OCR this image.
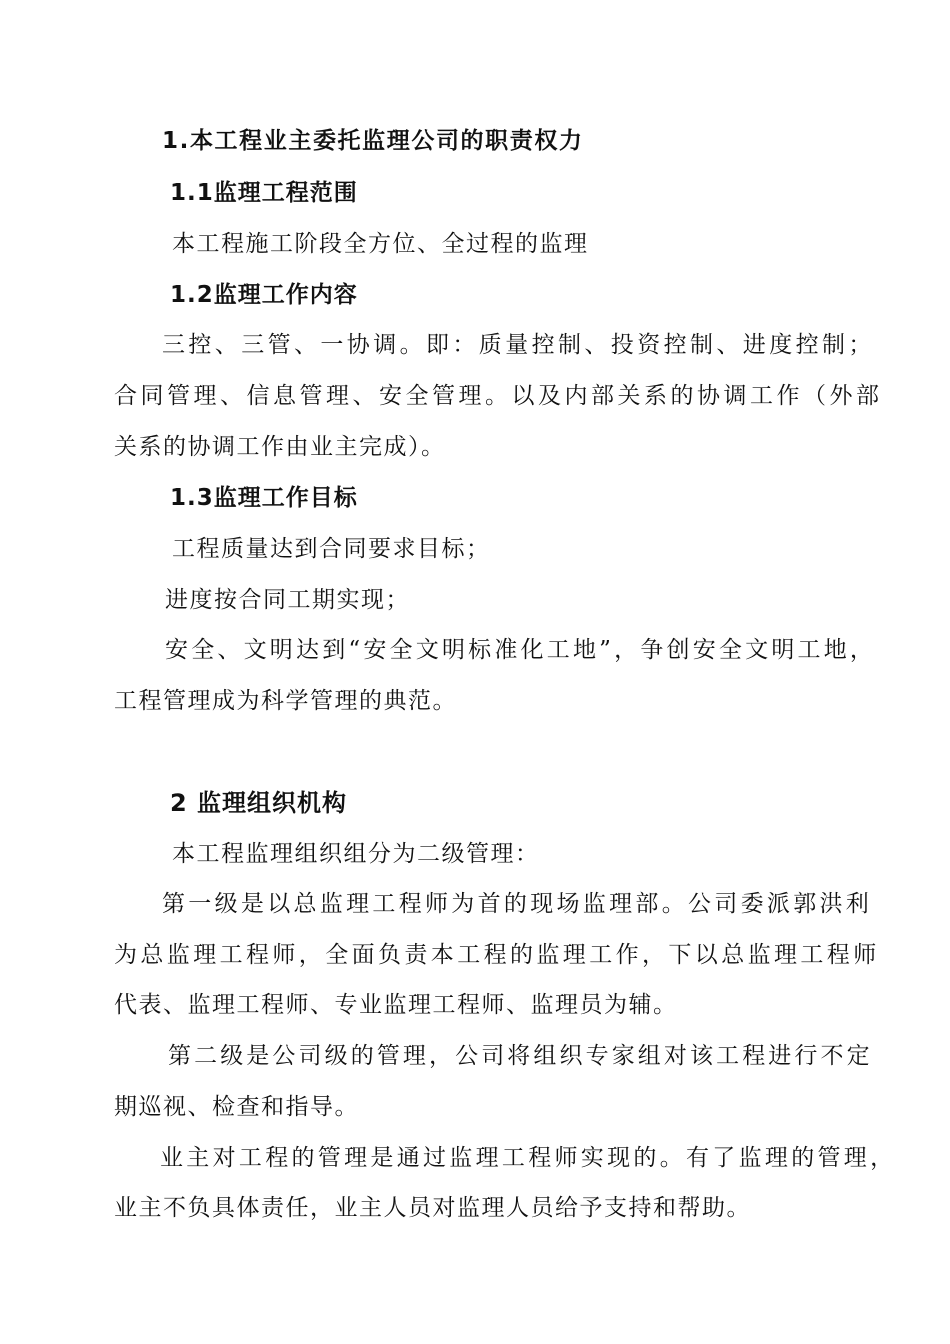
1.本工程业主委托监理公司的职责权力
1.1监理工程范围
本工程施工阶段全方位、全过程的监理
1.2监理工作内容
三控、三管、一协调。即：质量控制、投资控制、进度控制；
合同管理、信息管理、安全管理。以及内部关系的协调工作（外部
关系的协调工作由业主完成）。
1.3监理工作目标
工程质量达到合同要求目标；
进度按合同工期实现；
安全、文明达到“安全文明标准化工地”，争创安全文明工地，
工程管理成为科学管理的典范。
2 监理组织机构
本工程监理组织组分为二级管理：
第一级是以总监理工程师为首的现场监理部。公司委派郭洪利
为总监理工程师，全面负责本工程的监理工作，下以总监理工程师
代表、监理工程师、专业监理工程师、监理员为辅。
第二级是公司级的管理，公司将组织专家组对该工程进行不定
期巡视、检查和指导。
业主对工程的管理是通过监理工程师实现的。有了监理的管理，
业主不负具体责任，业主人员对监理人员给予支持和帮助。
